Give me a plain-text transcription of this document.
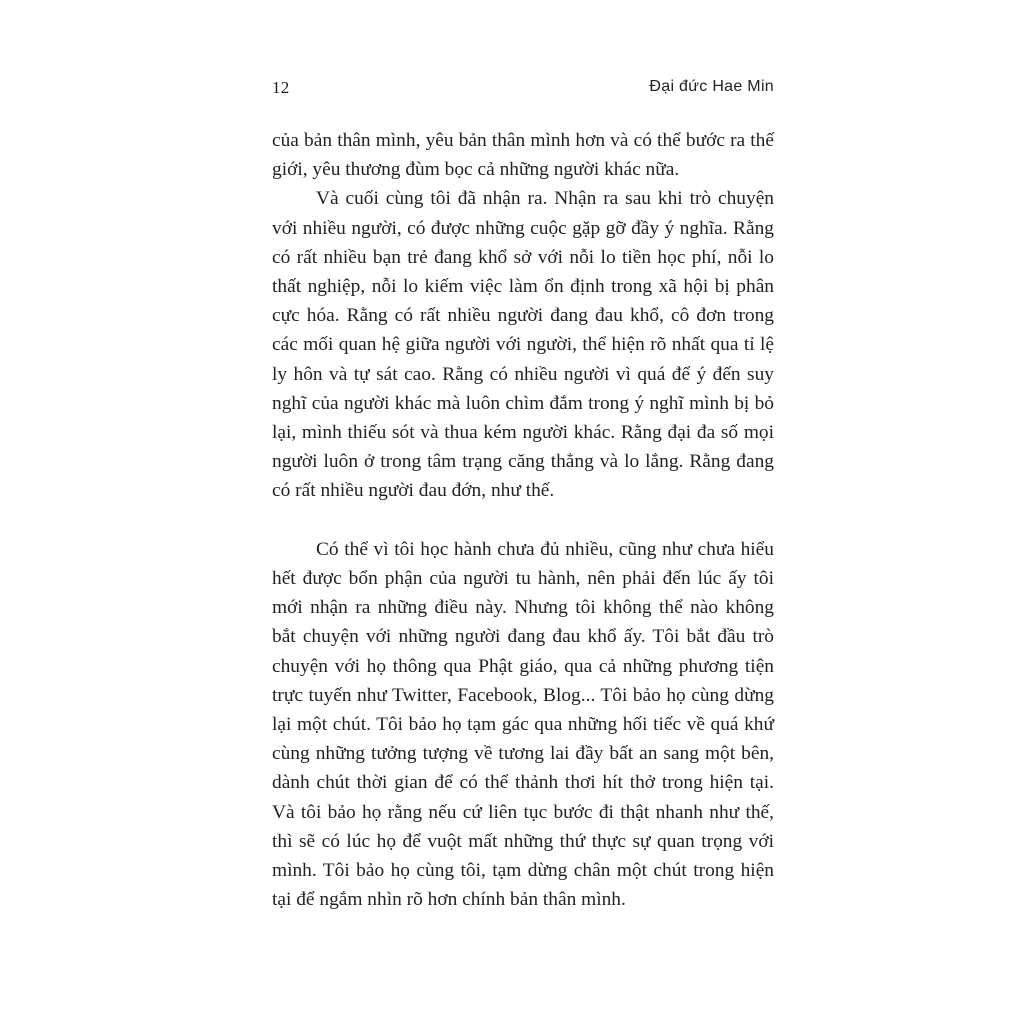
12	Đại đức Hae Min

của bản thân mình, yêu bản thân mình hơn và có thể bước ra thế giới, yêu thương đùm bọc cả những người khác nữa.

Và cuối cùng tôi đã nhận ra. Nhận ra sau khi trò chuyện với nhiều người, có được những cuộc gặp gỡ đầy ý nghĩa. Rằng có rất nhiều bạn trẻ đang khổ sở với nỗi lo tiền học phí, nỗi lo thất nghiệp, nỗi lo kiếm việc làm ổn định trong xã hội bị phân cực hóa. Rằng có rất nhiều người đang đau khổ, cô đơn trong các mối quan hệ giữa người với người, thể hiện rõ nhất qua tỉ lệ ly hôn và tự sát cao. Rằng có nhiều người vì quá để ý đến suy nghĩ của người khác mà luôn chìm đắm trong ý nghĩ mình bị bỏ lại, mình thiếu sót và thua kém người khác. Rằng đại đa số mọi người luôn ở trong tâm trạng căng thẳng và lo lắng. Rằng đang có rất nhiều người đau đớn, như thế.

Có thể vì tôi học hành chưa đủ nhiều, cũng như chưa hiểu hết được bổn phận của người tu hành, nên phải đến lúc ấy tôi mới nhận ra những điều này. Nhưng tôi không thể nào không bắt chuyện với những người đang đau khổ ấy. Tôi bắt đầu trò chuyện với họ thông qua Phật giáo, qua cả những phương tiện trực tuyến như Twitter, Facebook, Blog... Tôi bảo họ cùng dừng lại một chút. Tôi bảo họ tạm gác qua những hối tiếc về quá khứ cùng những tưởng tượng về tương lai đầy bất an sang một bên, dành chút thời gian để có thể thảnh thơi hít thở trong hiện tại. Và tôi bảo họ rằng nếu cứ liên tục bước đi thật nhanh như thế, thì sẽ có lúc họ để vuột mất những thứ thực sự quan trọng với mình. Tôi bảo họ cùng tôi, tạm dừng chân một chút trong hiện tại để ngắm nhìn rõ hơn chính bản thân mình.
